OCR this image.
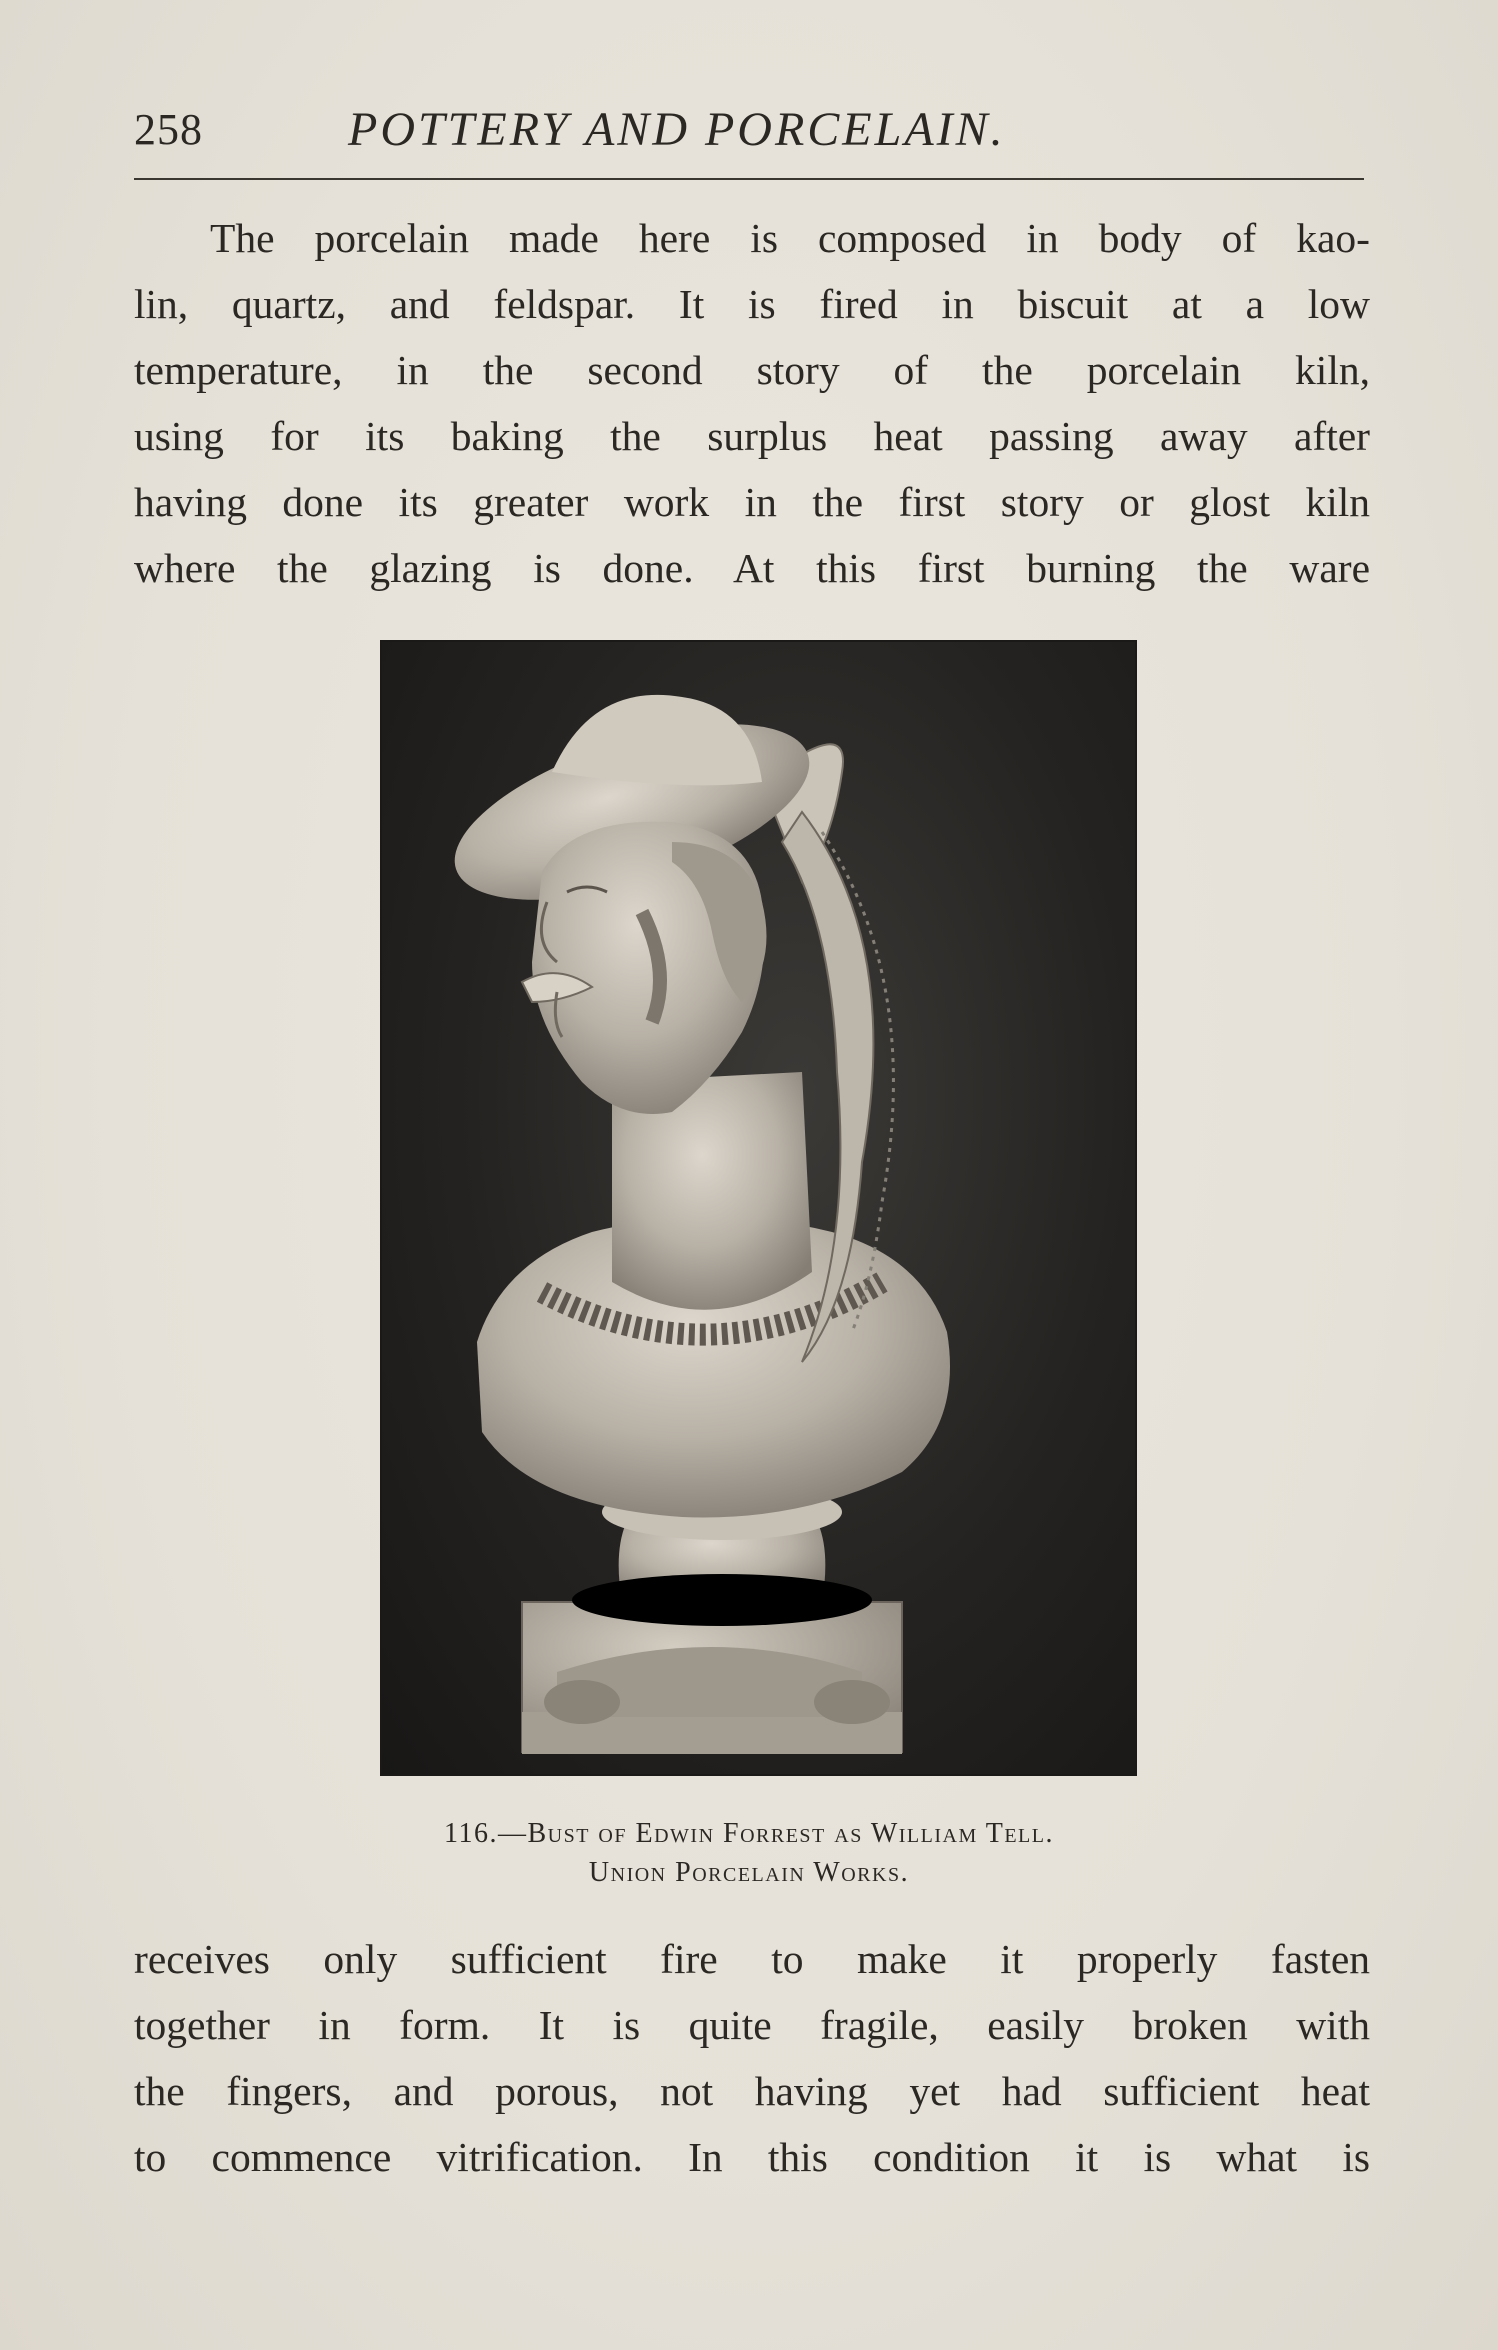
258	POTTERY AND PORCELAIN.
The porcelain made here is composed in body of kao-
lin, quartz, and feldspar. It is fired in biscuit at a low
temperature, in the second story of the porcelain kiln,
using for its baking the surplus heat passing away after
having done its greater work in the first story or glost kiln
where the glazing is done. At this first burning the ware
116.—Bust of Edwin Forrest as William Tell.
Union Porcelain Works.
receives only sufficient fire to make it properly fasten
together in form. It is quite fragile, easily broken with
the fingers, and porous, not having yet had sufficient heat
to commence vitrification. In this condition it is what is
